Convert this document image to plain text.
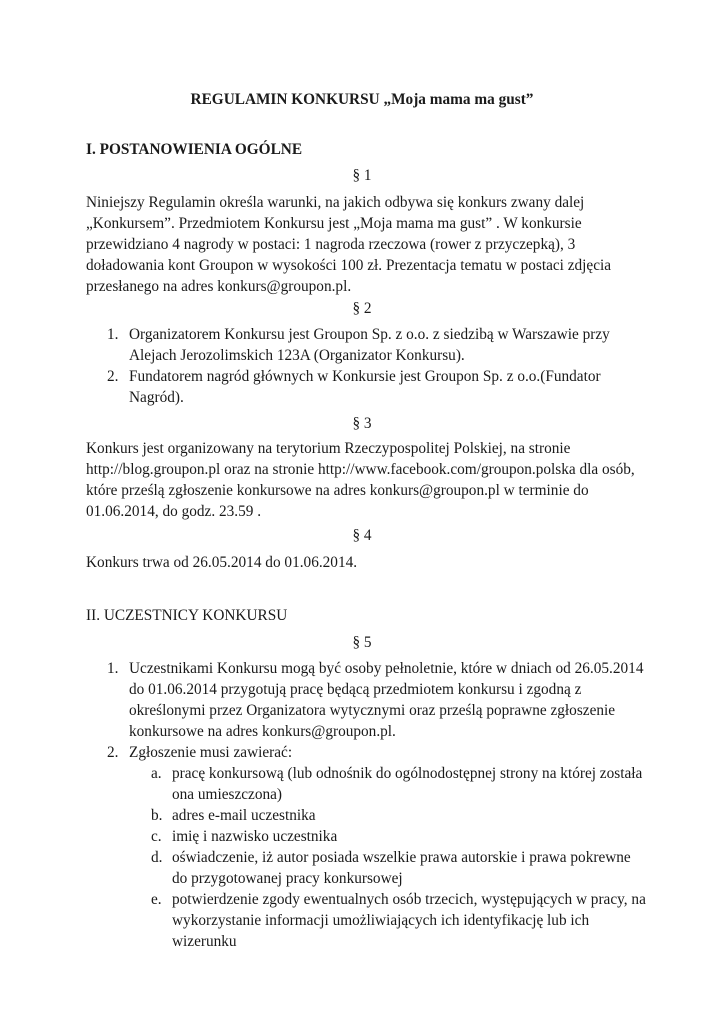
REGULAMIN KONKURSU „Moja mama ma gust”

I. POSTANOWIENIA OGÓLNE

§ 1

Niniejszy Regulamin określa warunki, na jakich odbywa się konkurs zwany dalej „Konkursem”. Przedmiotem Konkursu jest „Moja mama ma gust” . W konkursie przewidziano 4 nagrody w postaci: 1 nagroda rzeczowa (rower z przyczepką), 3 doładowania kont Groupon w wysokości 100 zł. Prezentacja tematu w postaci zdjęcia przesłanego na adres konkurs@groupon.pl.

§ 2

1. Organizatorem Konkursu jest Groupon Sp. z o.o. z siedzibą w Warszawie przy Alejach Jerozolimskich 123A (Organizator Konkursu).
2. Fundatorem nagród głównych w Konkursie jest Groupon Sp. z o.o.(Fundator Nagród).

§ 3

Konkurs jest organizowany na terytorium Rzeczypospolitej Polskiej, na stronie http://blog.groupon.pl oraz na stronie http://www.facebook.com/groupon.polska dla osób, które prześlą zgłoszenie konkursowe na adres konkurs@groupon.pl w terminie do 01.06.2014, do godz. 23.59 .

§ 4

Konkurs trwa od 26.05.2014 do 01.06.2014.

II. UCZESTNICY KONKURSU

§ 5

1. Uczestnikami Konkursu mogą być osoby pełnoletnie, które w dniach od 26.05.2014 do 01.06.2014 przygotują pracę będącą przedmiotem konkursu i zgodną z określonymi przez Organizatora wytycznymi oraz prześlą poprawne zgłoszenie konkursowe na adres konkurs@groupon.pl.
2. Zgłoszenie musi zawierać:
a. pracę konkursową (lub odnośnik do ogólnodostępnej strony na której została ona umieszczona)
b. adres e-mail uczestnika
c. imię i nazwisko uczestnika
d. oświadczenie, iż autor posiada wszelkie prawa autorskie i prawa pokrewne do przygotowanej pracy konkursowej
e. potwierdzenie zgody ewentualnych osób trzecich, występujących w pracy, na wykorzystanie informacji umożliwiających ich identyfikację lub ich wizerunku
